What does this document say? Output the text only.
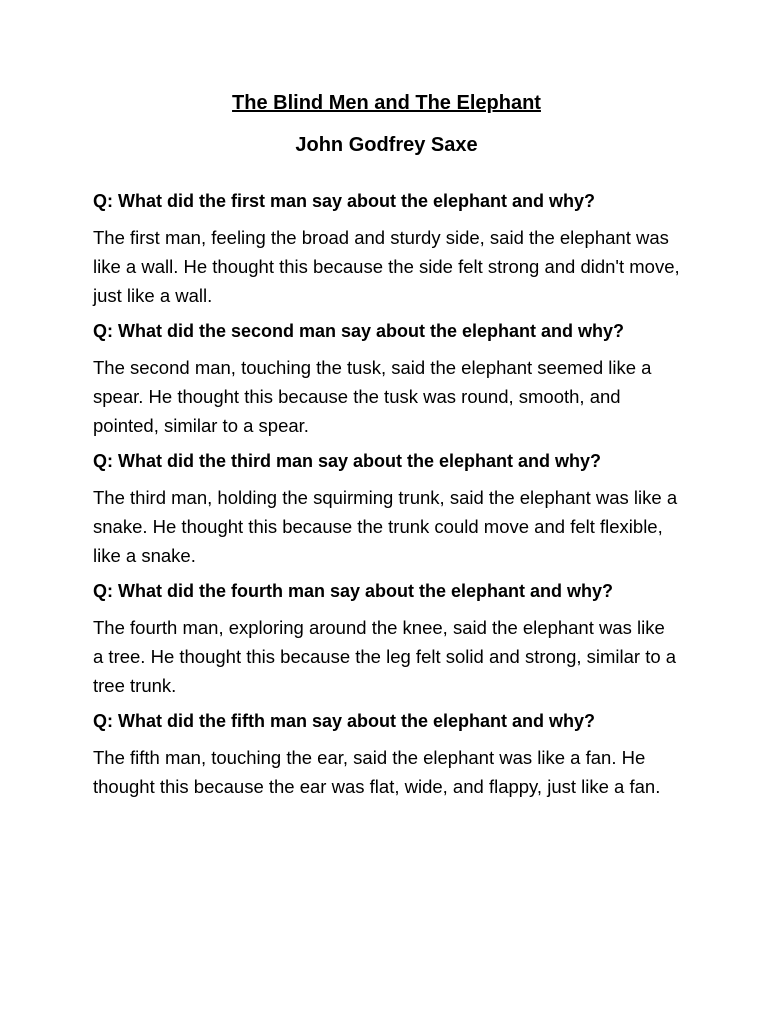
The Blind Men and The Elephant
John Godfrey Saxe

Q: What did the first man say about the elephant and why?

The first man, feeling the broad and sturdy side, said the elephant was like a wall. He thought this because the side felt strong and didn't move, just like a wall.

Q: What did the second man say about the elephant and why?

The second man, touching the tusk, said the elephant seemed like a spear. He thought this because the tusk was round, smooth, and pointed, similar to a spear.

Q: What did the third man say about the elephant and why?

The third man, holding the squirming trunk, said the elephant was like a snake. He thought this because the trunk could move and felt flexible, like a snake.

Q: What did the fourth man say about the elephant and why?

The fourth man, exploring around the knee, said the elephant was like a tree. He thought this because the leg felt solid and strong, similar to a tree trunk.

Q: What did the fifth man say about the elephant and why?

The fifth man, touching the ear, said the elephant was like a fan. He thought this because the ear was flat, wide, and flappy, just like a fan.
